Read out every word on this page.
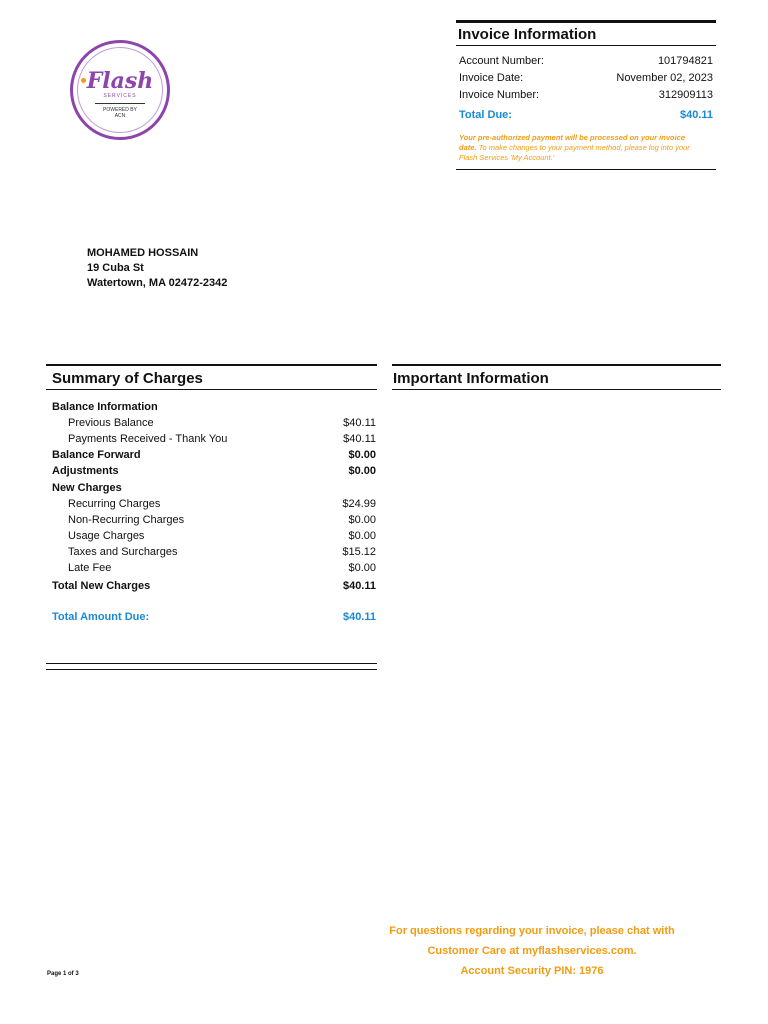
Flash
SERVICES
POWERED BY
ACN
Invoice Information
Account Number:	101794821
Invoice Date:	November 02, 2023
Invoice Number:	312909113
Total Due:	$40.11
Your pre-authorized payment will be processed on your invoice date. To make changes to your payment method, please log into your Flash Services 'My Account.'
MOHAMED HOSSAIN
19 Cuba St
Watertown, MA 02472-2342
Summary of Charges
Balance Information
Previous Balance	$40.11
Payments Received - Thank You	$40.11
Balance Forward	$0.00
Adjustments	$0.00
New Charges
Recurring Charges	$24.99
Non-Recurring Charges	$0.00
Usage Charges	$0.00
Taxes and Surcharges	$15.12
Late Fee	$0.00
Total New Charges	$40.11
Total Amount Due:	$40.11
Important Information
For questions regarding your invoice, please chat with
Customer Care at myflashservices.com.
Account Security PIN: 1976
Page 1 of 3
